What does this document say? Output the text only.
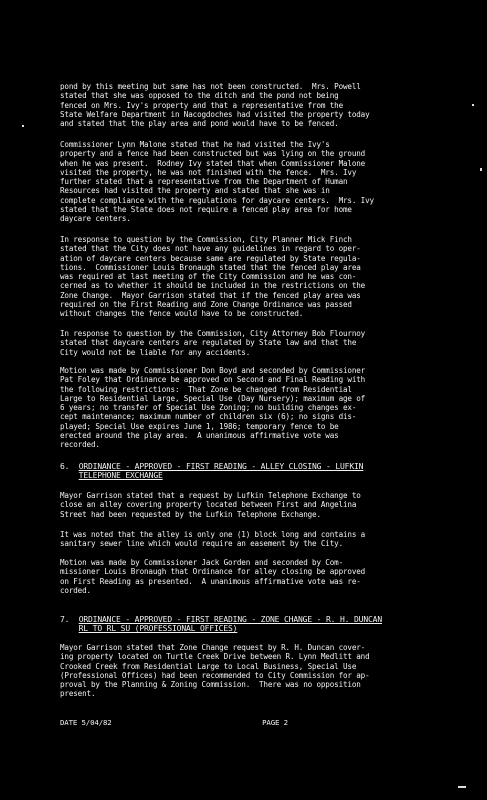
pond by this meeting but same has not been constructed.  Mrs. Powell
stated that she was opposed to the ditch and the pond not being
fenced on Mrs. Ivy's property and that a representative from the
State Welfare Department in Nacogdoches had visited the property today
and stated that the play area and pond would have to be fenced.
Commissioner Lynn Malone stated that he had visited the Ivy's
property and a fence had been constructed but was lying on the ground
when he was present.  Rodney Ivy stated that when Commissioner Malone
visited the property, he was not finished with the fence.  Mrs. Ivy
further stated that a representative from the Department of Human
Resources had visited the property and stated that she was in
complete compliance with the regulations for daycare centers.  Mrs. Ivy
stated that the State does not require a fenced play area for home
daycare centers.
In response to question by the Commission, City Planner Mick Finch
stated that the City does not have any guidelines in regard to oper-
ation of daycare centers because same are regulated by State regula-
tions.  Commissioner Louis Bronaugh stated that the fenced play area
was required at last meeting of the City Commission and he was con-
cerned as to whether it should be included in the restrictions on the
Zone Change.  Mayor Garrison stated that if the fenced play area was
required on the First Reading and Zone Change Ordinance was passed
without changes the fence would have to be constructed.
In response to question by the Commission, City Attorney Bob Flournoy
stated that daycare centers are regulated by State law and that the
City would not be liable for any accidents.
Motion was made by Commissioner Don Boyd and seconded by Commissioner
Pat Foley that Ordinance be approved on Second and Final Reading with
the following restrictions:  That Zone be changed from Residential
Large to Residential Large, Special Use (Day Nursery); maximum age of
6 years; no transfer of Special Use Zoning; no building changes ex-
cept maintenance; maximum number of children six (6); no signs dis-
played; Special Use expires June 1, 1986; temporary fence to be
erected around the play area.  A unanimous affirmative vote was
recorded.
6. ORDINANCE - APPROVED - FIRST READING - ALLEY CLOSING - LUFKIN
TELEPHONE EXCHANGE
Mayor Garrison stated that a request by Lufkin Telephone Exchange to
close an alley covering property located between First and Angelina
Street had been requested by the Lufkin Telephone Exchange.
It was noted that the alley is only one (1) block long and contains a
sanitary sewer line which would require an easement by the City.
Motion was made by Commissioner Jack Gorden and seconded by Com-
missioner Louis Bronaugh that Ordinance for alley closing be approved
on First Reading as presented.  A unanimous affirmative vote was re-
corded.
7. ORDINANCE - APPROVED - FIRST READING - ZONE CHANGE - R. H. DUNCAN
RL TO RL SU (PROFESSIONAL OFFICES)
Mayor Garrison stated that Zone Change request by R. H. Duncan cover-
ing property located on Turtle Creek Drive between R. Lynn Medlitt and
Crooked Creek from Residential Large to Local Business, Special Use
(Professional Offices) had been recommended to City Commission for ap-
proval by the Planning & Zoning Commission.  There was no opposition
present.
DATE 5/04/82	PAGE 2
